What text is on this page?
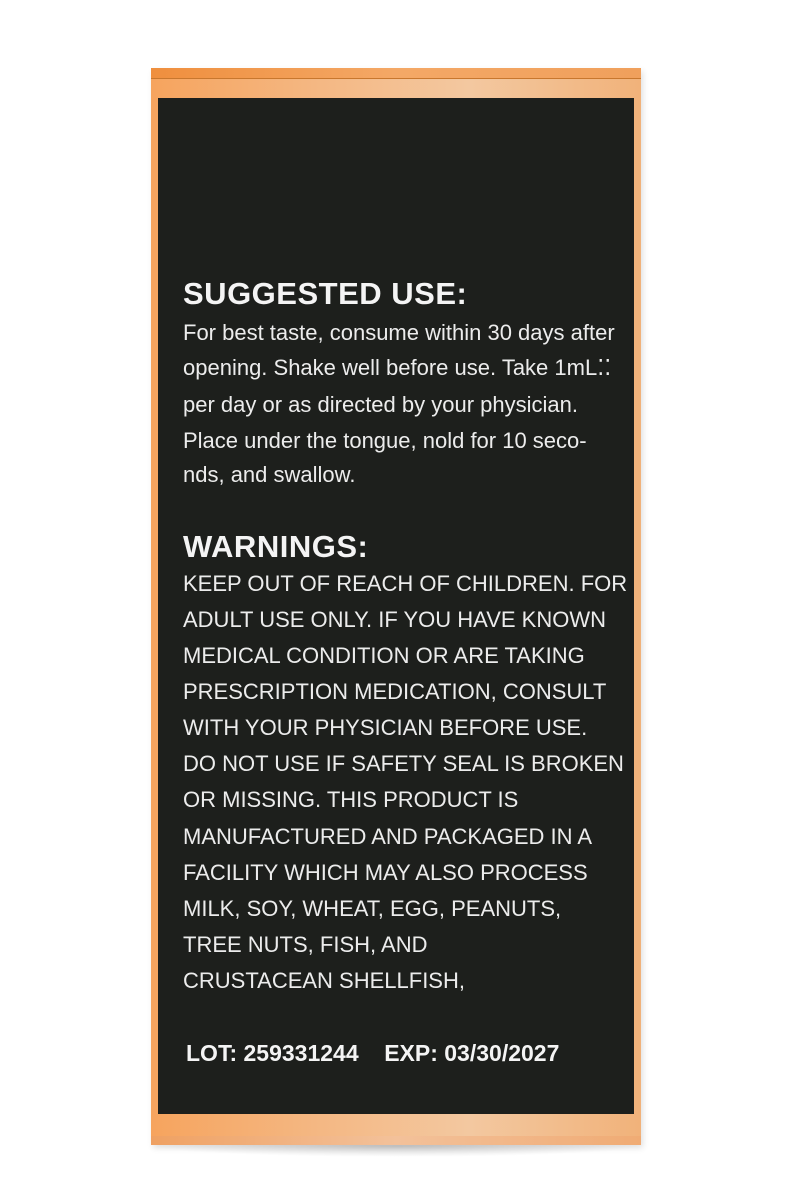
SUGGESTED USE:
For best taste, consume within 30 days after
opening. Shake well before use. Take 1mL⁚⁚
per day or as directed by your physician.
Place under the tongue, nold for 10 seco-
nds, and swallow.
WARNINGS:
KEEP OUT OF REACH OF CHILDREN. FOR
ADULT USE ONLY. IF YOU HAVE KNOWN
MEDICAL CONDITION OR ARE TAKING
PRESCRIPTION MEDICATION, CONSULT
WITH YOUR PHYSICIAN BEFORE USE.
DO NOT USE IF SAFETY SEAL IS BROKEN
OR MISSING. THIS PRODUCT IS
MANUFACTURED AND PACKAGED IN A
FACILITY WHICH MAY ALSO PROCESS
MILK, SOY, WHEAT, EGG, PEANUTS,
TREE NUTS, FISH, AND
CRUSTACEAN SHELLFISH,
LOT: 259331244 EXP: 03/30/2027
